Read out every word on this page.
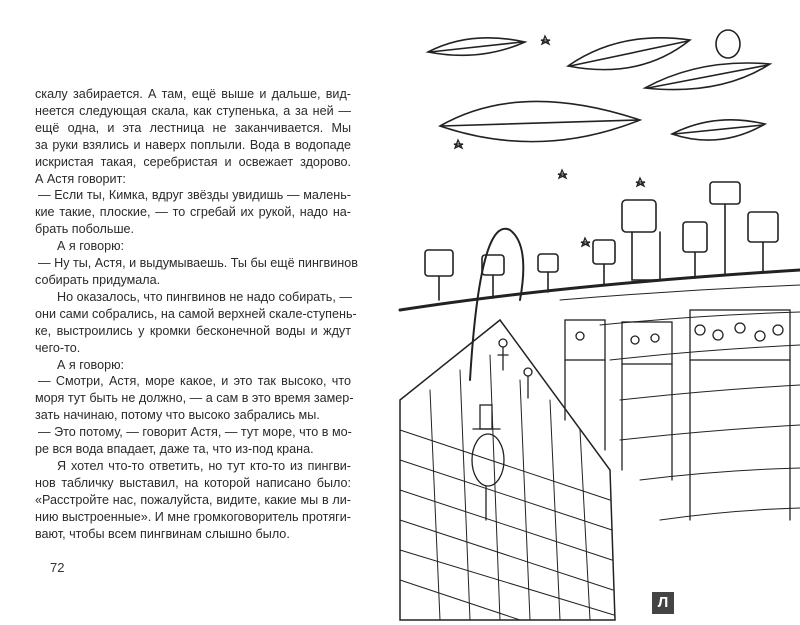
скалу забирается. А там, ещё выше и дальше, вид-
неется следующая скала, как ступенька, а за ней —
ещё одна, и эта лестница не заканчивается. Мы
за руки взялись и наверх поплыли. Вода в водопаде
искристая такая, серебристая и освежает здорово.
А Астя говорит:
— Если ты, Кимка, вдруг звёзды увидишь — малень-
кие такие, плоские, — то сгребай их рукой, надо на-
брать побольше.
А я говорю:
— Ну ты, Астя, и выдумываешь. Ты бы ещё пингвинов
собирать придумала.
Но оказалось, что пингвинов не надо собирать, —
они сами собрались, на самой верхней скале-ступень-
ке, выстроились у кромки бесконечной воды и ждут
чего-то.
А я говорю:
— Смотри, Астя, море какое, и это так высоко, что
моря тут быть не должно, — а сам в это время замер-
зать начинаю, потому что высоко забрались мы.
— Это потому, — говорит Астя, — тут море, что в мо-
ре вся вода впадает, даже та, что из-под крана.
Я хотел что-то ответить, но тут кто-то из пингви-
нов табличку выставил, на которой написано было:
«Расстройте нас, пожалуйста, видите, какие мы в ли-
нию выстроенные». И мне громкоговоритель протяги-
вают, чтобы всем пингвинам слышно было.
72
Л
